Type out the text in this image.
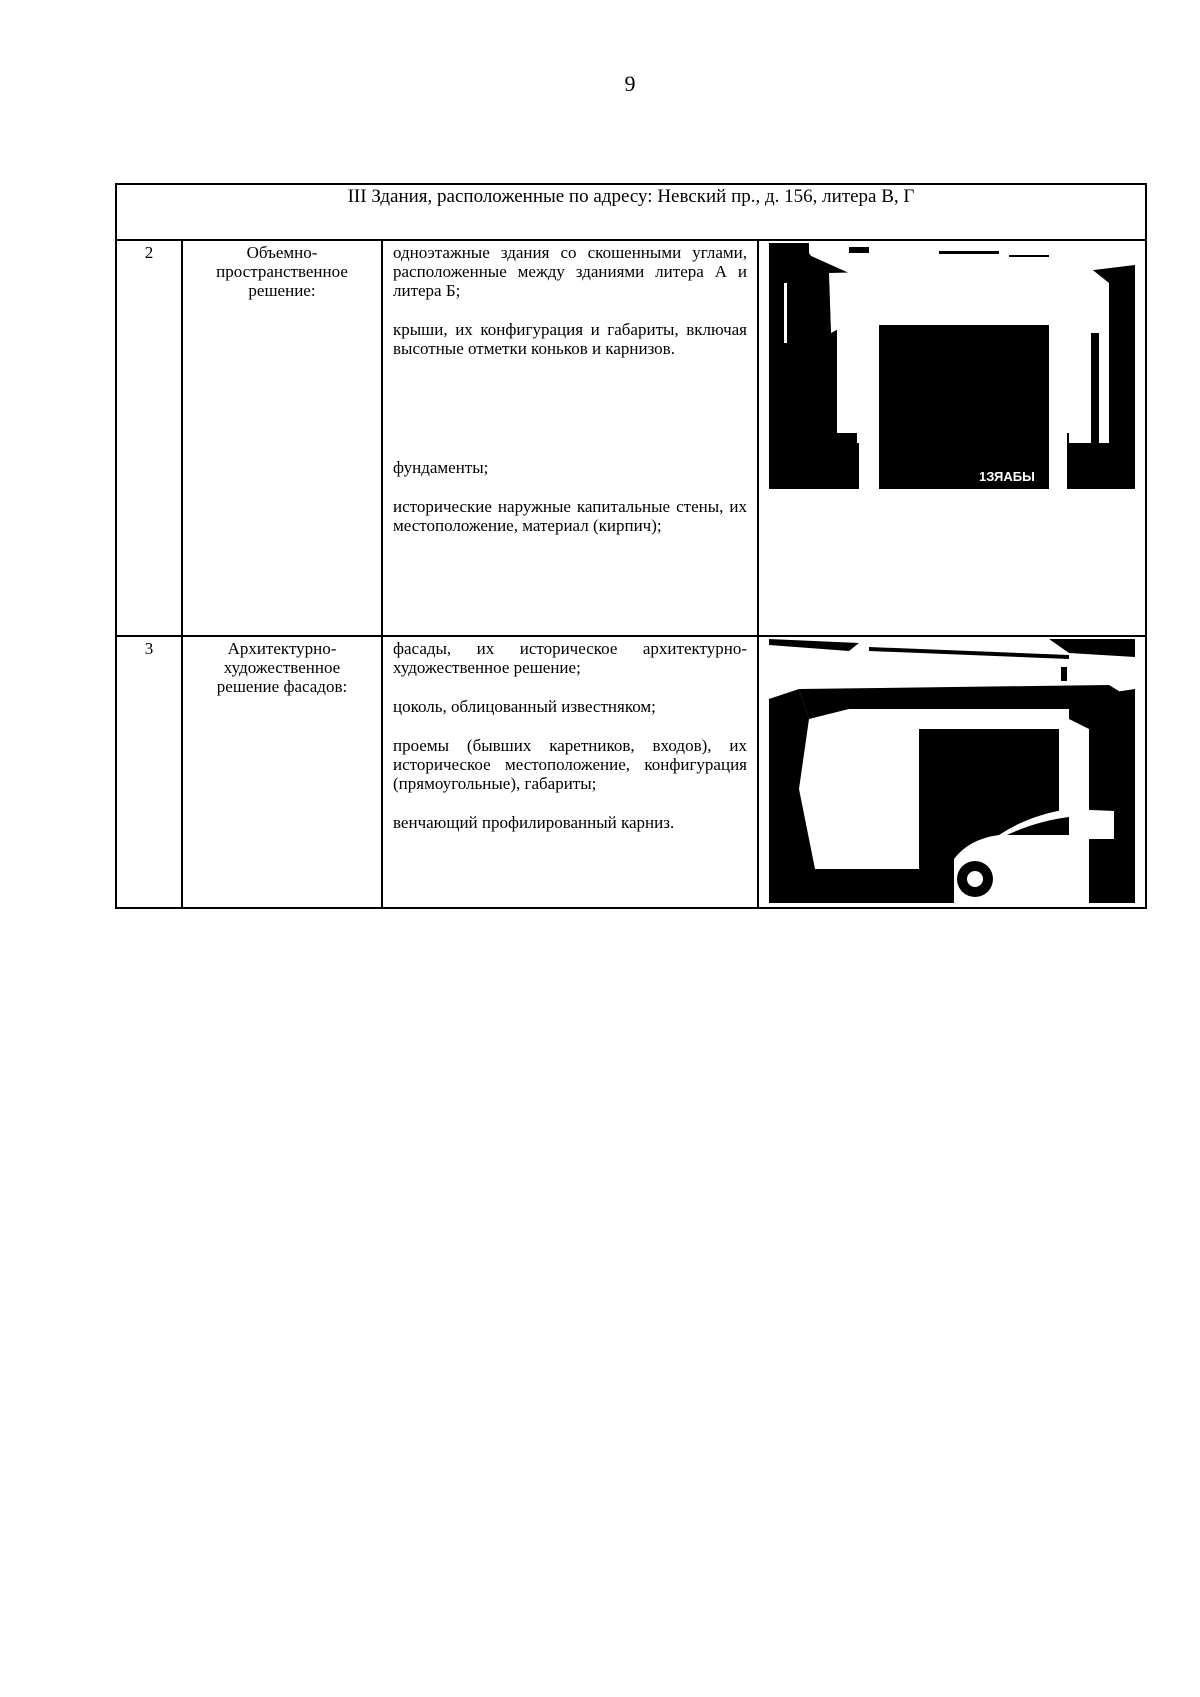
9
III Здания, расположенные по адресу: Невский пр., д. 156, литера В, Г			
2	Объемно-пространственное решение:	одноэтажные здания со скошенными углами, расположенные между зданиями литера А и литера Б;

крыши, их конфигурация и габариты, включая высотные отметки коньков и карнизов.

фундаменты;

исторические наружные капитальные стены, их местоположение, материал (кирпич);	1ЗЯАБЫ

3	Архитектурно-художественное решение фасадов:	фасады, их историческое архитектурно-художественное решение;

цоколь, облицованный известняком;

проемы (бывших каретников, входов), их историческое местоположение, конфигурация (прямоугольные), габариты;

венчающий профилированный карниз.
